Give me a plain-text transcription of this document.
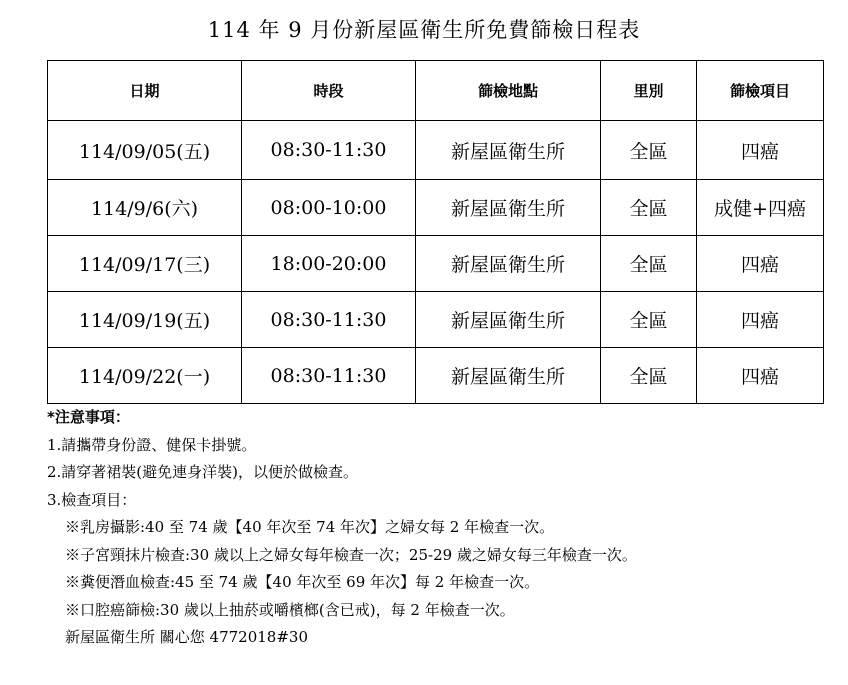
114 年 9 月份新屋區衛生所免費篩檢日程表
日期	時段	篩檢地點	里別	篩檢項目
114/09/05(五)	08:30-11:30	新屋區衛生所	全區	四癌
114/9/6(六)	08:00-10:00	新屋區衛生所	全區	成健+四癌
114/09/17(三)	18:00-20:00	新屋區衛生所	全區	四癌
114/09/19(五)	08:30-11:30	新屋區衛生所	全區	四癌
114/09/22(一)	08:30-11:30	新屋區衛生所	全區	四癌
*注意事項：
1.請攜帶身份證、健保卡掛號。
2.請穿著裙裝(避免連身洋裝)，以便於做檢查。
3.檢查項目：
※乳房攝影:40 至 74 歲【40 年次至 74 年次】之婦女每 2 年檢查一次。
※子宮頸抹片檢查:30 歲以上之婦女每年檢查一次；25-29 歲之婦女每三年檢查一次。
※糞便潛血檢查:45 至 74 歲【40 年次至 69 年次】每 2 年檢查一次。
※口腔癌篩檢:30 歲以上抽菸或嚼檳榔(含已戒)，每 2 年檢查一次。
新屋區衛生所 關心您 4772018#30
